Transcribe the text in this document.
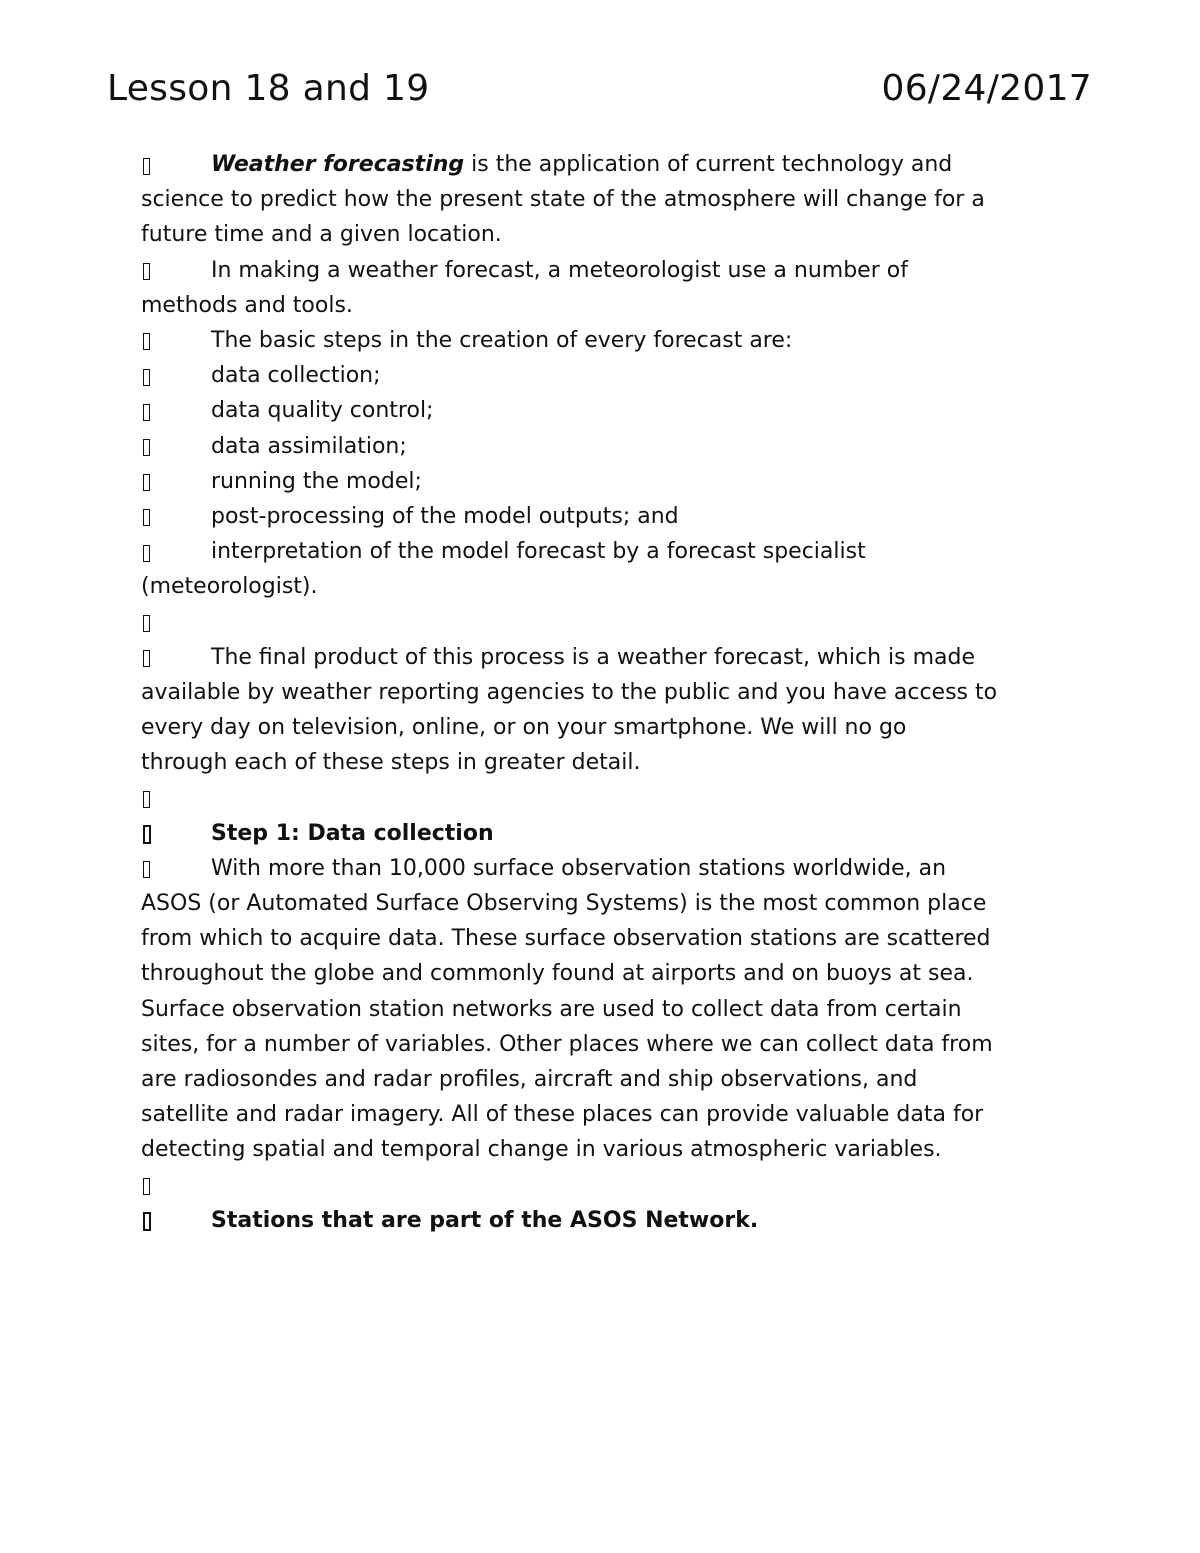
Lesson 18 and 19	06/24/2017
Weather forecasting is the application of current technology and
science to predict how the present state of the atmosphere will change for a
future time and a given location.
In making a weather forecast, a meteorologist use a number of
methods and tools.
The basic steps in the creation of every forecast are:
data collection;
data quality control;
data assimilation;
running the model;
post-processing of the model outputs; and
interpretation of the model forecast by a forecast specialist
(meteorologist).
The final product of this process is a weather forecast, which is made
available by weather reporting agencies to the public and you have access to
every day on television, online, or on your smartphone. We will no go
through each of these steps in greater detail.
Step 1: Data collection
With more than 10,000 surface observation stations worldwide, an
ASOS (or Automated Surface Observing Systems) is the most common place
from which to acquire data. These surface observation stations are scattered
throughout the globe and commonly found at airports and on buoys at sea.
Surface observation station networks are used to collect data from certain
sites, for a number of variables. Other places where we can collect data from
are radiosondes and radar profiles, aircraft and ship observations, and
satellite and radar imagery. All of these places can provide valuable data for
detecting spatial and temporal change in various atmospheric variables.
Stations that are part of the ASOS Network.
